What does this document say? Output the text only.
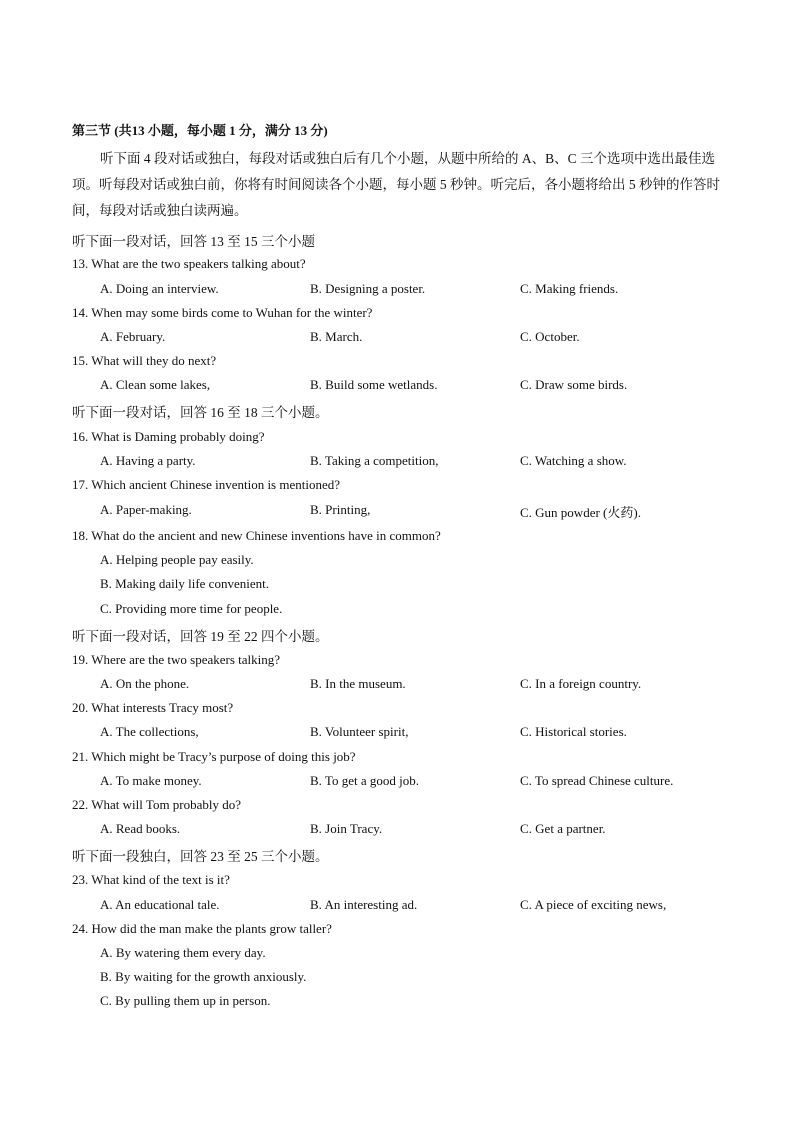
第三节 (共13 小题，每小题 1 分，满分 13 分)
听下面 4 段对话或独白，每段对话或独白后有几个小题，从题中所给的 A、B、C 三个选项中选出最佳选项。听每段对话或独白前，你将有时间阅读各个小题，每小题 5 秒钟。听完后，各小题将给出 5 秒钟的作答时间，每段对话或独白读两遍。
听下面一段对话，回答 13 至 15 三个小题
13. What are the two speakers talking about?
A. Doing an interview.	B. Designing a poster.	C. Making friends.
14. When may some birds come to Wuhan for the winter?
A. February.	B. March.	C. October.
15. What will they do next?
A. Clean some lakes,	B. Build some wetlands.	C. Draw some birds.
听下面一段对话，回答 16 至 18 三个小题。
16. What is Daming probably doing?
A. Having a party.	B. Taking a competition,	C. Watching a show.
17. Which ancient Chinese invention is mentioned?
A. Paper-making.	B. Printing,	C. Gun powder (火药).
18. What do the ancient and new Chinese inventions have in common?
A. Helping people pay easily.
B. Making daily life convenient.
C. Providing more time for people.
听下面一段对话，回答 19 至 22 四个小题。
19. Where are the two speakers talking?
A. On the phone.	B. In the museum.	C. In a foreign country.
20. What interests Tracy most?
A. The collections,	B. Volunteer spirit,	C. Historical stories.
21. Which might be Tracy’s purpose of doing this job?
A. To make money.	B. To get a good job.	C. To spread Chinese culture.
22. What will Tom probably do?
A. Read books.	B. Join Tracy.	C. Get a partner.
听下面一段独白，回答 23 至 25 三个小题。
23. What kind of the text is it?
A. An educational tale.	B. An interesting ad.	C. A piece of exciting news,
24. How did the man make the plants grow taller?
A. By watering them every day.
B. By waiting for the growth anxiously.
C. By pulling them up in person.
